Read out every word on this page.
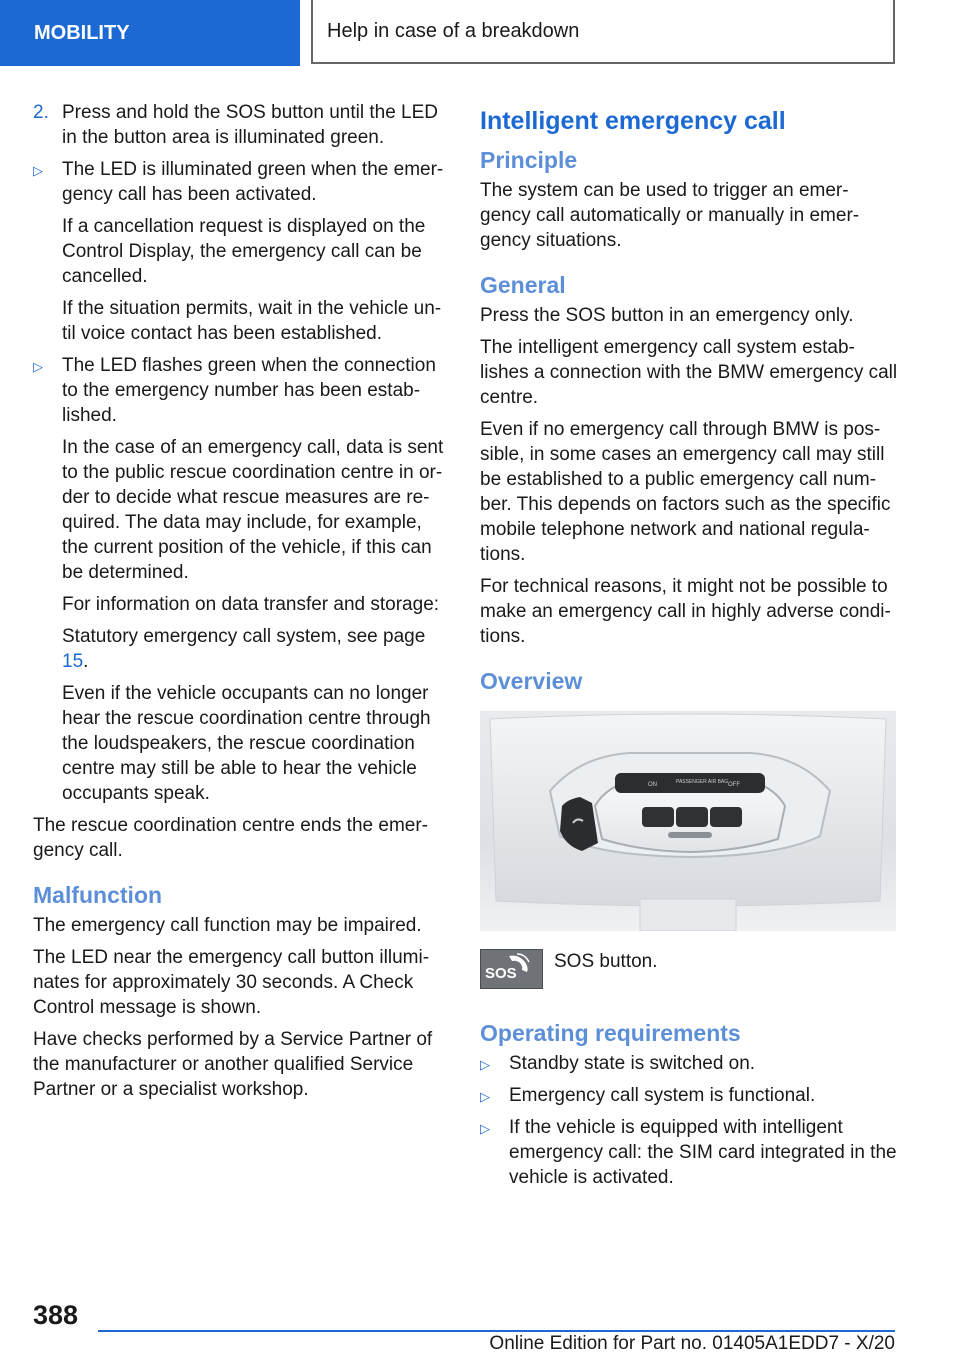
MOBILITY	Help in case of a breakdown
2. Press and hold the SOS button until the LED in the button area is illuminated green.

▷ The LED is illuminated green when the emer‐gency call has been activated.

If a cancellation request is displayed on the Control Display, the emergency call can be cancelled.

If the situation permits, wait in the vehicle un‐til voice contact has been established.

▷ The LED flashes green when the connection to the emergency number has been estab‐lished.

In the case of an emergency call, data is sent to the public rescue coordination centre in or‐der to decide what rescue measures are re‐quired. The data may include, for example, the current position of the vehicle, if this can be determined.

For information on data transfer and storage:

Statutory emergency call system, see page 15.

Even if the vehicle occupants can no longer hear the rescue coordination centre through the loudspeakers, the rescue coordination centre may still be able to hear the vehicle occupants speak.

The rescue coordination centre ends the emer‐gency call.

Malfunction

The emergency call function may be impaired.

The LED near the emergency call button illumi‐nates for approximately 30 seconds. A Check Control message is shown.

Have checks performed by a Service Partner of the manufacturer or another qualified Service Partner or a specialist workshop.

Intelligent emergency call
Principle

The system can be used to trigger an emer‐gency call automatically or manually in emer‐gency situations.

General

Press the SOS button in an emergency only.

The intelligent emergency call system estab‐lishes a connection with the BMW emergency call centre.

Even if no emergency call through BMW is pos‐sible, in some cases an emergency call may still be established to a public emergency call num‐ber. This depends on factors such as the specific mobile telephone network and national regula‐tions.

For technical reasons, it might not be possible to make an emergency call in highly adverse condi‐tions.

Overview
ON	PASSENGER AIR BAG OFF
SOS
SOS button.
Operating requirements
▷ Standby state is switched on.

▷ Emergency call system is functional.

▷ If the vehicle is equipped with intelligent emergency call: the SIM card integrated in the vehicle is activated.

388
Online Edition for Part no. 01405A1EDD7 - X/20
